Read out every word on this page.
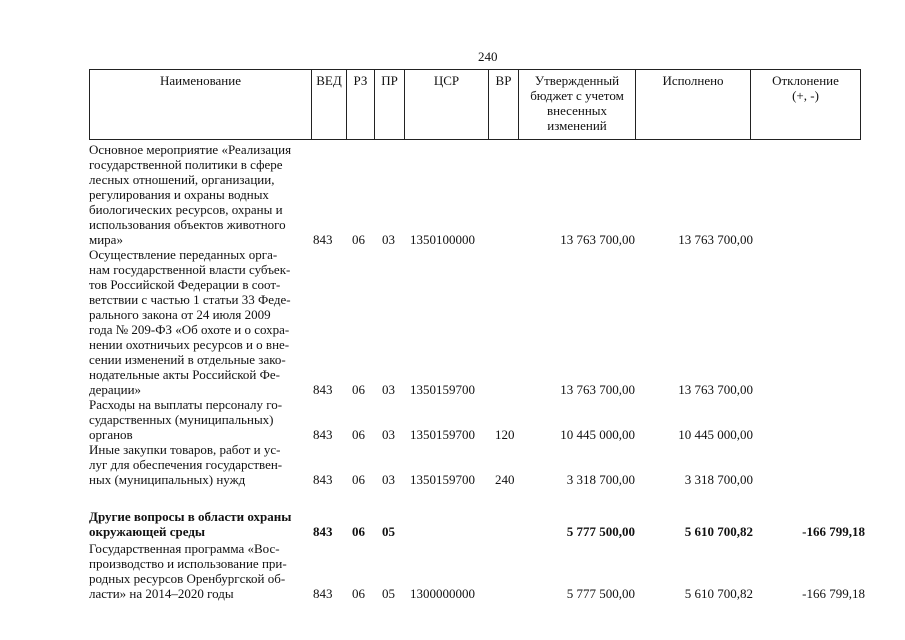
240
Наименование	ВЕД	РЗ	ПР	ЦСР	ВР	Утвержденный
бюджет с учетом
внесенных
изменений	Исполнено	Отклонение
(+, -)
Основное мероприятие «Реализация
государственной политики в сфере
лесных отношений, организации,
регулирования и охраны водных
биологических ресурсов, охраны и
использования объектов животного
мира»	843 06 03 1350100000	13 763 700,00	13 763 700,00
Осуществление переданных орга-
нам государственной власти субъек-
тов Российской Федерации в соот-
ветствии с частью 1 статьи 33 Феде-
рального закона от 24 июля 2009
года № 209-ФЗ «Об охоте и о сохра-
нении охотничьих ресурсов и о вне-
сении изменений в отдельные зако-
нодательные акты Российской Фе-
дерации»	843 06 03 1350159700	13 763 700,00	13 763 700,00
Расходы на выплаты персоналу го-
сударственных (муниципальных)
органов	843 06 03 1350159700 120	10 445 000,00	10 445 000,00
Иные закупки товаров, работ и ус-
луг для обеспечения государствен-
ных (муниципальных) нужд	843 06 03 1350159700 240	3 318 700,00	3 318 700,00
Другие вопросы в области охраны
окружающей среды	843 06 05	5 777 500,00	5 610 700,82	-166 799,18
Государственная программа «Вос-
производство и использование при-
родных ресурсов Оренбургской об-
ласти» на 2014–2020 годы	843 06 05 1300000000	5 777 500,00	5 610 700,82	-166 799,18
